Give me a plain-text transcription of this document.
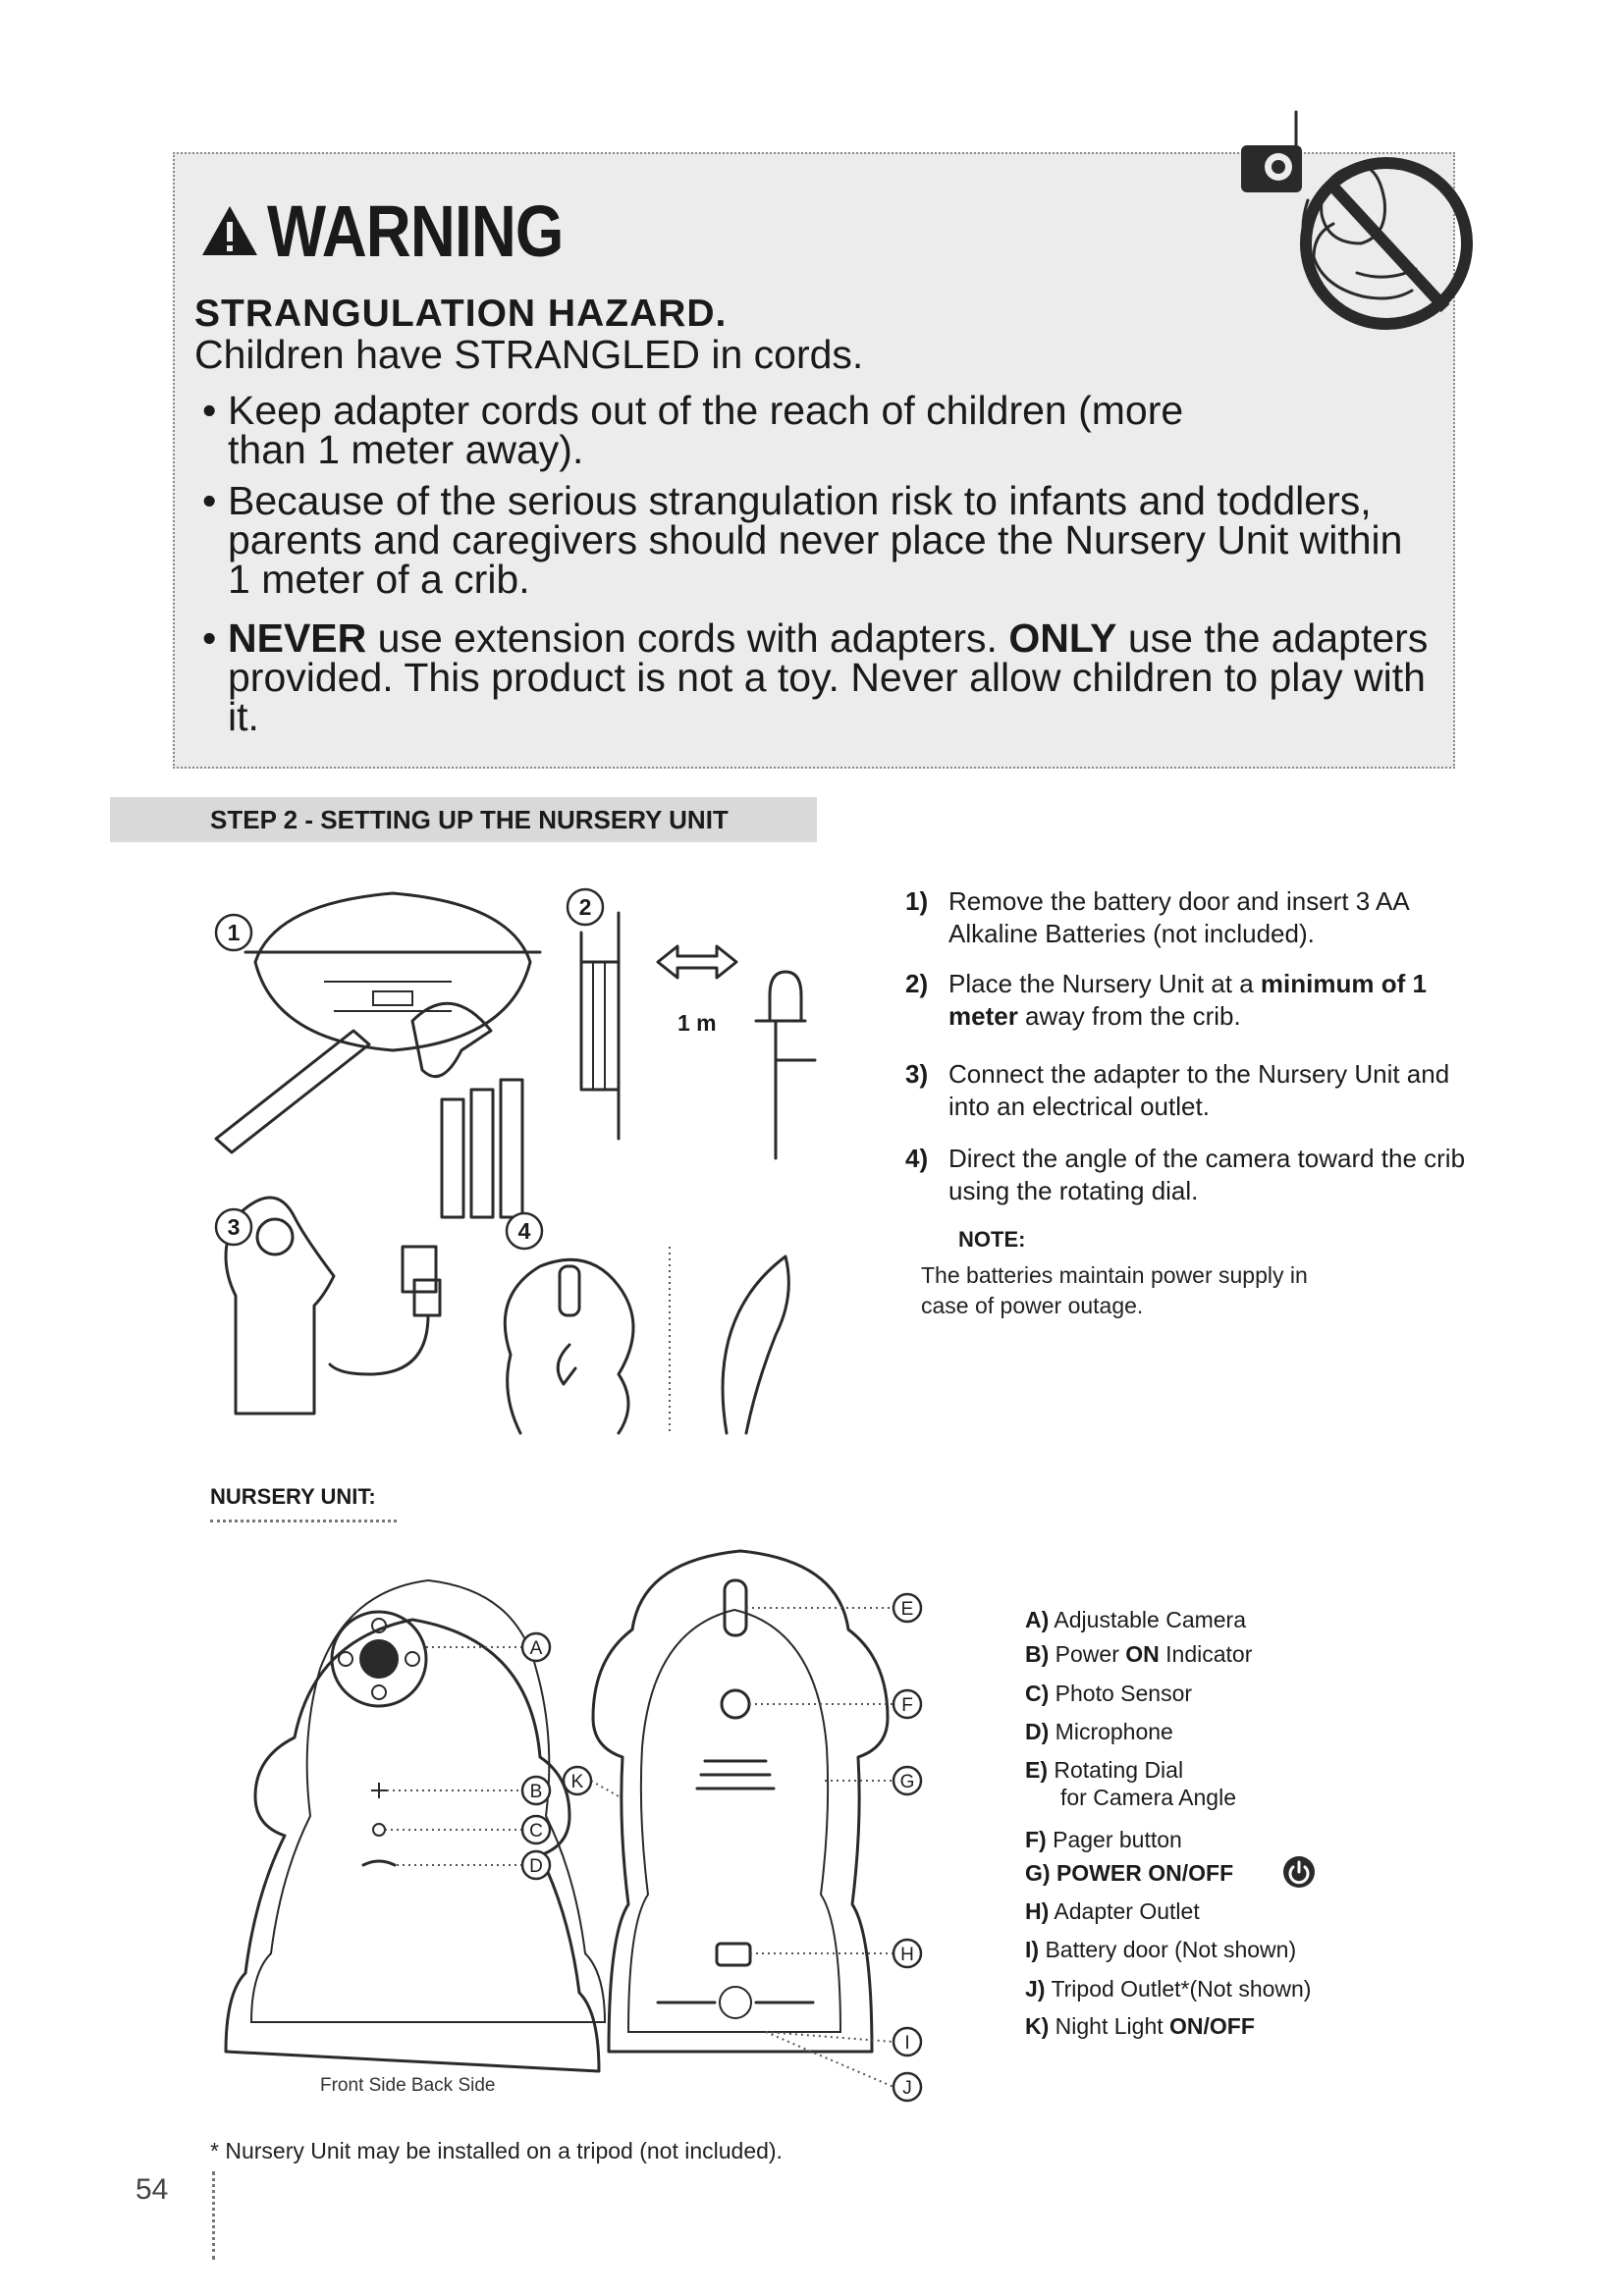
WARNING
STRANGULATION HAZARD.
Children have STRANGLED in cords.
• Keep adapter cords out of the reach of children (more than 1 meter away).
• Because of the serious strangulation risk to infants and toddlers, parents and caregivers should never place the Nursery Unit within 1 meter of a crib.
• NEVER use extension cords with adapters. ONLY use the adapters provided. This product is not a toy. Never allow children to play with it.
STEP 2 - SETTING UP THE NURSERY UNIT
1
2
3	4
1 m
1) Remove the battery door and insert 3 AA Alkaline Batteries (not included).
2) Place the Nursery Unit at a minimum of 1 meter away from the crib.
3) Connect the adapter to the Nursery Unit and into an electrical outlet.
4) Direct the angle of the camera toward the crib using the rotating dial.
NOTE:
The batteries maintain power supply in case of power outage.
NURSERY UNIT:
A
B
C
D
E
F
G
H
I
J
K
Front Side Back Side
A) Adjustable Camera
B) Power ON Indicator
C) Photo Sensor
D) Microphone
E) Rotating Dial
for Camera Angle
F) Pager button
G) POWER ON/OFF
H) Adapter Outlet
I) Battery door (Not shown)
J) Tripod Outlet*(Not shown)
K) Night Light ON/OFF
* Nursery Unit may be installed on a tripod (not included).
54
